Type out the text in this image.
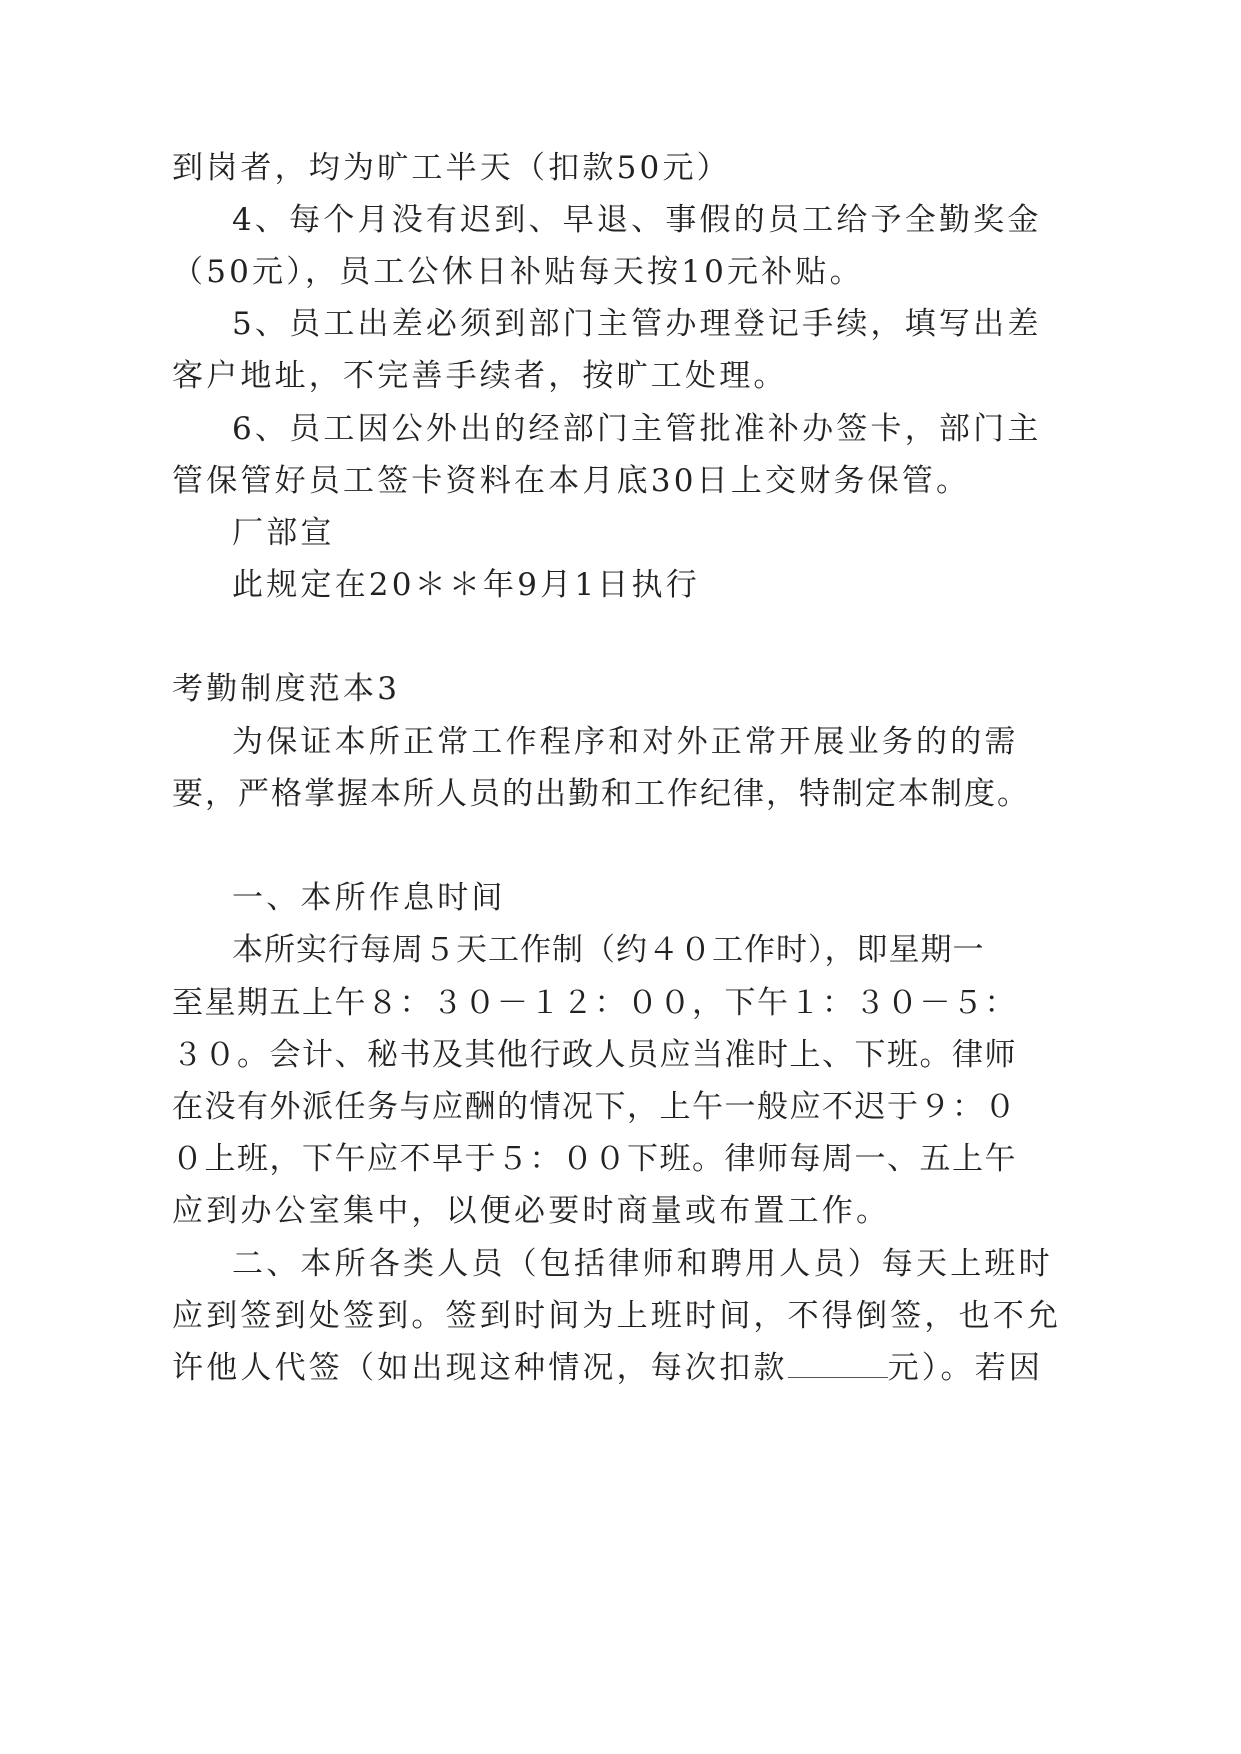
到岗者，均为旷工半天（扣款50元）

4、每个月没有迟到、早退、事假的员工给予全勤奖金

（50元），员工公休日补贴每天按10元补贴。

5、员工出差必须到部门主管办理登记手续，填写出差

客户地址，不完善手续者，按旷工处理。

6、员工因公外出的经部门主管批准补办签卡，部门主

管保管好员工签卡资料在本月底30日上交财务保管。

厂部宣

此规定在20＊＊年9月1日执行

考勤制度范本3

为保证本所正常工作程序和对外正常开展业务的的需

要，严格掌握本所人员的出勤和工作纪律，特制定本制度。

一、本所作息时间

本所实行每周５天工作制（约４０工作时），即星期一

至星期五上午８：３０－１２：００，下午１：３０－５：

３０。会计、秘书及其他行政人员应当准时上、下班。律师

在没有外派任务与应酬的情况下，上午一般应不迟于９：０

０上班，下午应不早于５：００下班。律师每周一、五上午

应到办公室集中，以便必要时商量或布置工作。

二、本所各类人员（包括律师和聘用人员）每天上班时

应到签到处签到。签到时间为上班时间，不得倒签，也不允

许他人代签（如出现这种情况，每次扣款	元）。若因
